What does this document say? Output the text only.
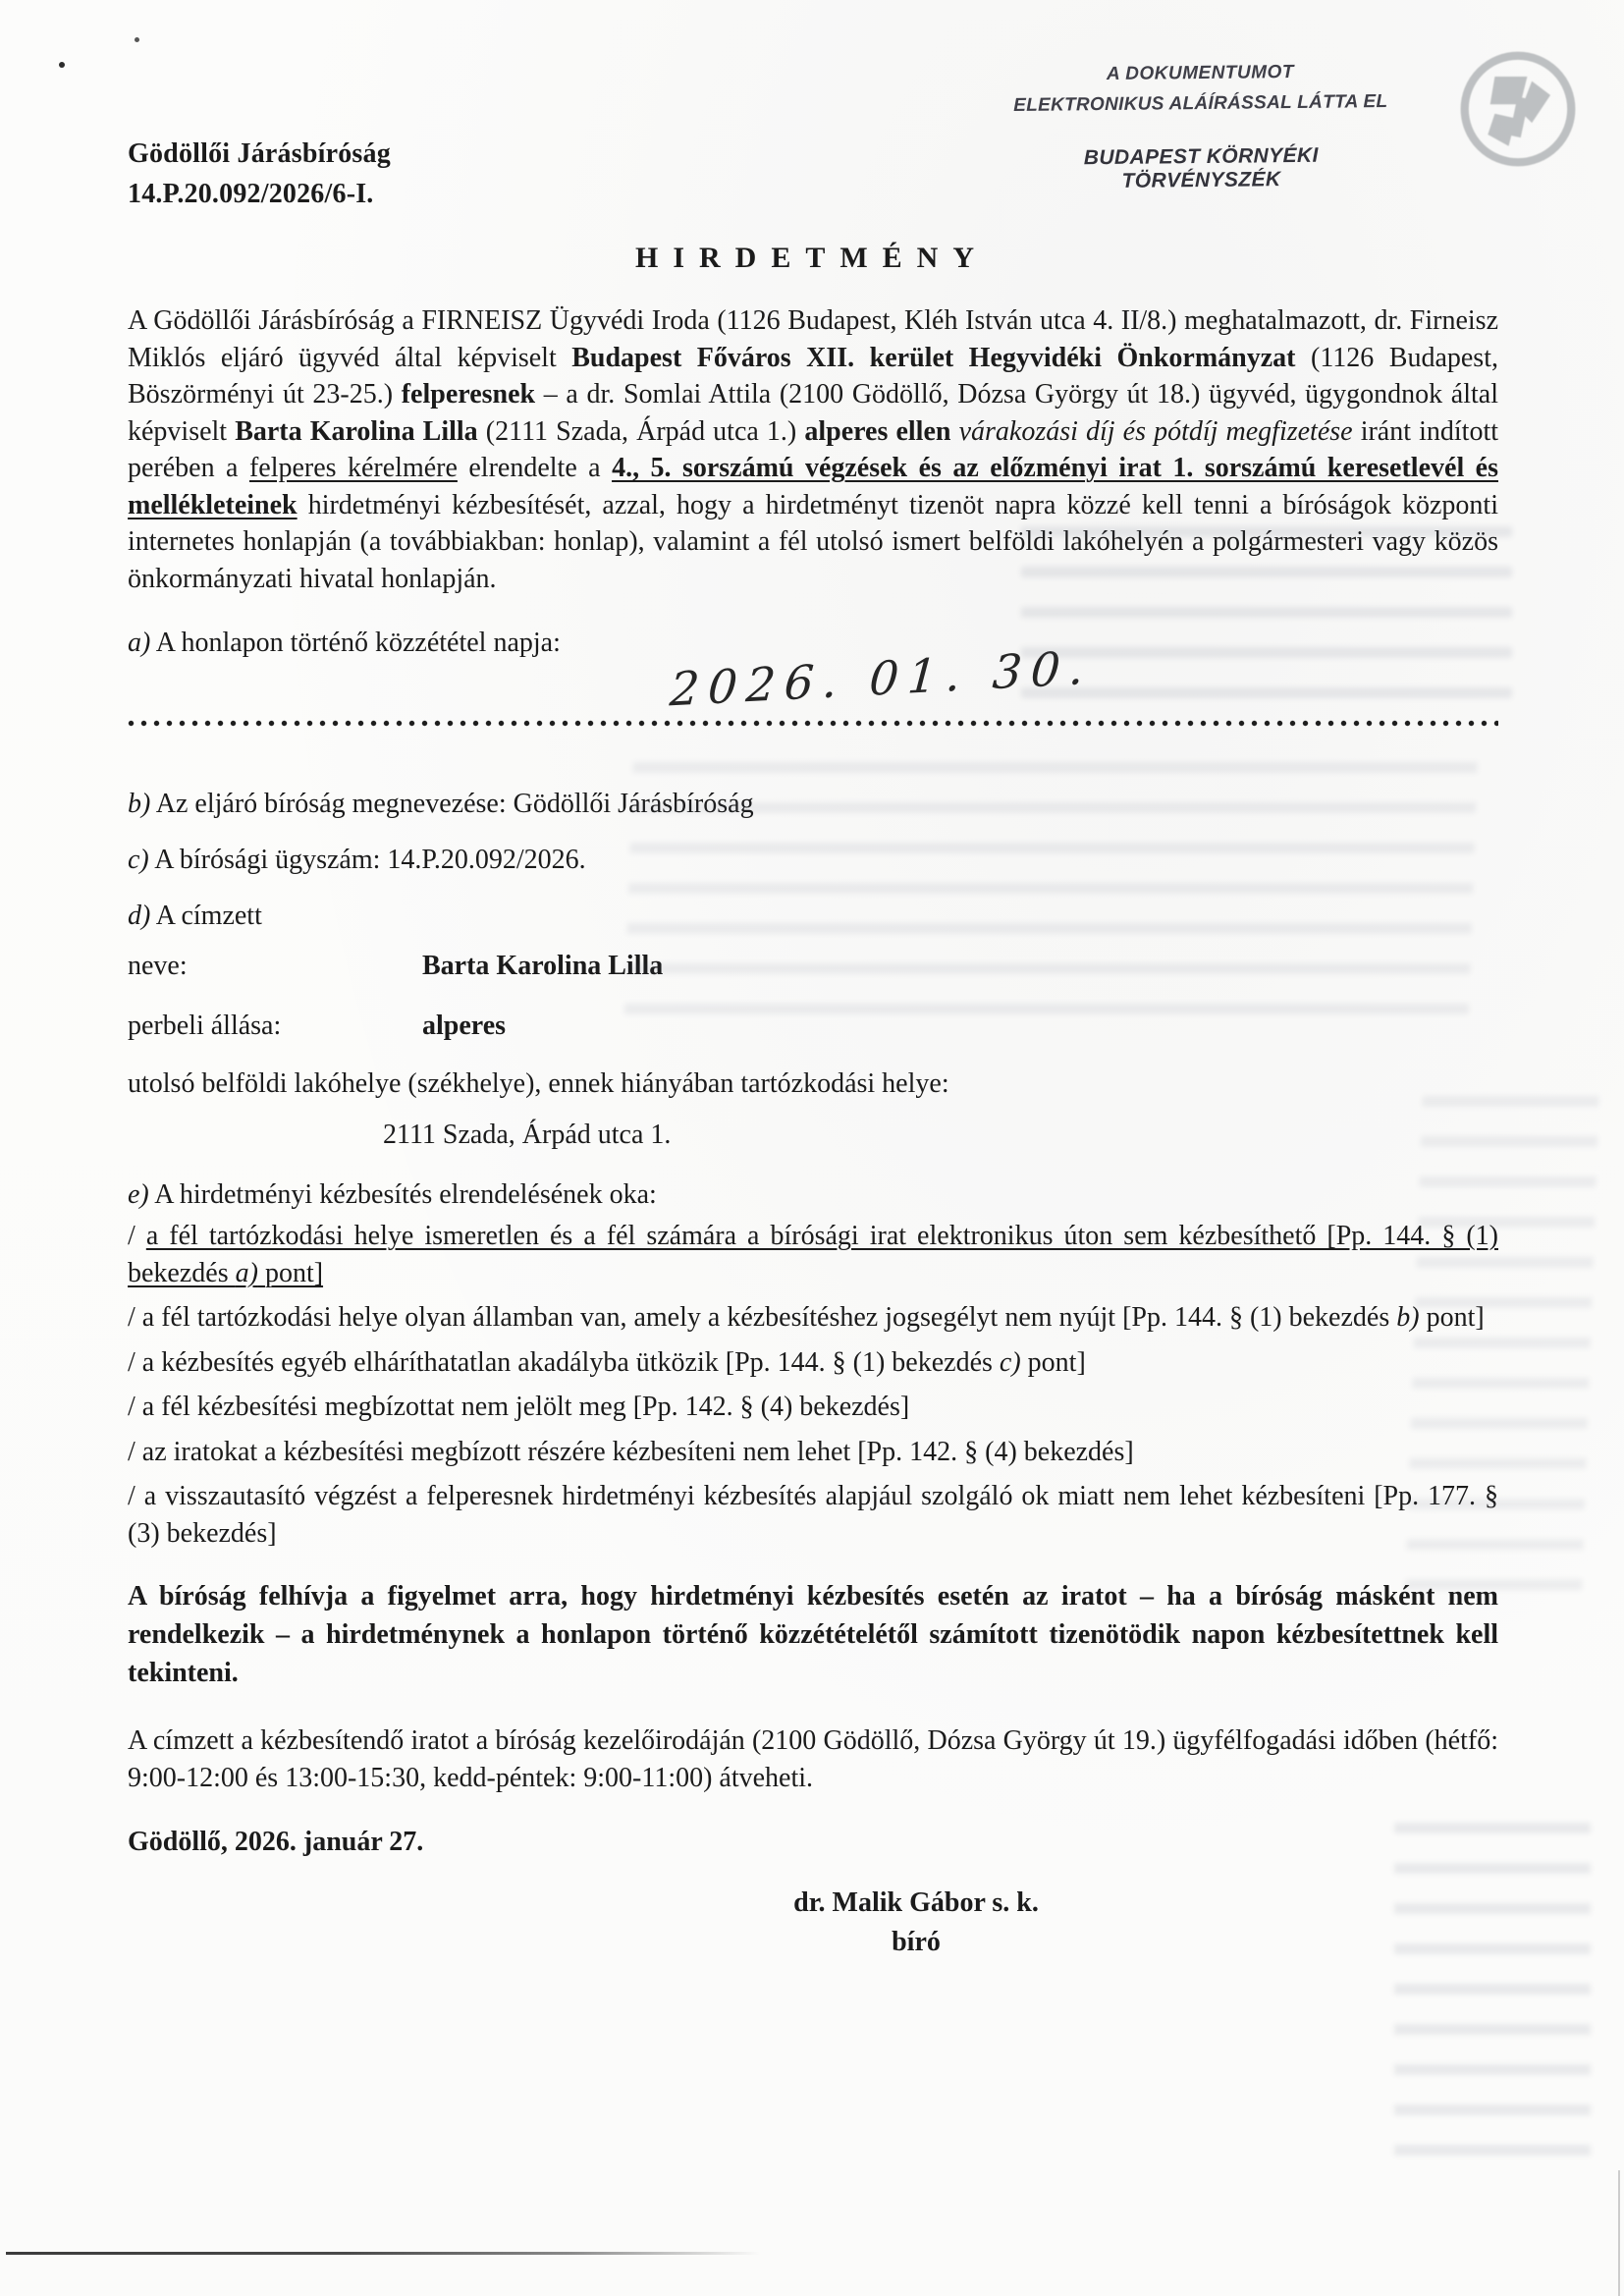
Gödöllői Járásbíróság
14.P.20.092/2026/6-I.
A DOKUMENTUMOT
ELEKTRONIKUS ALÁÍRÁSSAL LÁTTA EL
BUDAPEST KÖRNYÉKI TÖRVÉNYSZÉK
HIRDETMÉNY
A Gödöllői Járásbíróság a FIRNEISZ Ügyvédi Iroda (1126 Budapest, Kléh István utca 4. II/8.) meghatalmazott, dr. Firneisz Miklós eljáró ügyvéd által képviselt Budapest Főváros XII. kerület Hegyvidéki Önkormányzat (1126 Budapest, Böszörményi út 23-25.) felperesnek – a dr. Somlai Attila (2100 Gödöllő, Dózsa György út 18.) ügyvéd, ügygondnok által képviselt Barta Karolina Lilla (2111 Szada, Árpád utca 1.) alperes ellen várakozási díj és pótdíj megfizetése iránt indított perében a felperes kérelmére elrendelte a 4., 5. sorszámú végzések és az előzményi irat 1. sorszámú keresetlevél és mellékleteinek hirdetményi kézbesítését, azzal, hogy a hirdetményt tizenöt napra közzé kell tenni a bíróságok központi internetes honlapján (a továbbiakban: honlap), valamint a fél utolsó ismert belföldi lakóhelyén a polgármesteri vagy közös önkormányzati hivatal honlapján.
a) A honlapon történő közzététel napja:	2026. 01. 30.
b) Az eljáró bíróság megnevezése: Gödöllői Járásbíróság
c) A bírósági ügyszám: 14.P.20.092/2026.
d) A címzett
neve:	Barta Karolina Lilla
perbeli állása:	alperes
utolsó belföldi lakóhelye (székhelye), ennek hiányában tartózkodási helye:
2111 Szada, Árpád utca 1.
e) A hirdetményi kézbesítés elrendelésének oka:
/ a fél tartózkodási helye ismeretlen és a fél számára a bírósági irat elektronikus úton sem kézbesíthető [Pp. 144. § (1) bekezdés a) pont]
/ a fél tartózkodási helye olyan államban van, amely a kézbesítéshez jogsegélyt nem nyújt [Pp. 144. § (1) bekezdés b) pont]
/ a kézbesítés egyéb elháríthatatlan akadályba ütközik [Pp. 144. § (1) bekezdés c) pont]
/ a fél kézbesítési megbízottat nem jelölt meg [Pp. 142. § (4) bekezdés]
/ az iratokat a kézbesítési megbízott részére kézbesíteni nem lehet [Pp. 142. § (4) bekezdés]
/ a visszautasító végzést a felperesnek hirdetményi kézbesítés alapjául szolgáló ok miatt nem lehet kézbesíteni [Pp. 177. § (3) bekezdés]
A bíróság felhívja a figyelmet arra, hogy hirdetményi kézbesítés esetén az iratot – ha a bíróság másként nem rendelkezik – a hirdetménynek a honlapon történő közzétételétől számított tizenötödik napon kézbesítettnek kell tekinteni.
A címzett a kézbesítendő iratot a bíróság kezelőirodáján (2100 Gödöllő, Dózsa György út 19.) ügyfélfogadási időben (hétfő: 9:00-12:00 és 13:00-15:30, kedd-péntek: 9:00-11:00) átveheti.
Gödöllő, 2026. január 27.
dr. Malik Gábor s. k.
bíró
